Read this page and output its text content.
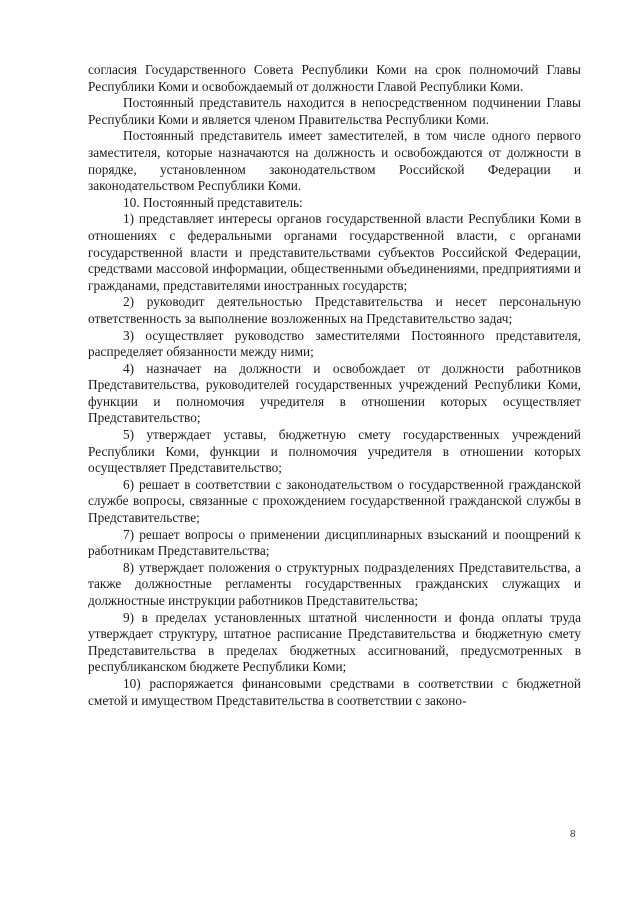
согласия Государственного Совета Республики Коми на срок полномочий Главы Республики Коми и освобождаемый от должности Главой Республики Коми.

Постоянный представитель находится в непосредственном подчинении Главы Республики Коми и является членом Правительства Республики Коми.

Постоянный представитель имеет заместителей, в том числе одного первого заместителя, которые назначаются на должность и освобождаются от должности в порядке, установленном законодательством Российской Федерации и законодательством Республики Коми.

10. Постоянный представитель:

1) представляет интересы органов государственной власти Республики Коми в отношениях с федеральными органами государственной власти, с органами государственной власти и представительствами субъектов Российской Федерации, средствами массовой информации, общественными объединениями, предприятиями и гражданами, представителями иностранных государств;

2) руководит деятельностью Представительства и несет персональную ответственность за выполнение возложенных на Представительство задач;

3) осуществляет руководство заместителями Постоянного представителя, распределяет обязанности между ними;

4) назначает на должности и освобождает от должности работников Представительства, руководителей государственных учреждений Республики Коми, функции и полномочия учредителя в отношении которых осуществляет Представительство;

5) утверждает уставы, бюджетную смету государственных учреждений Республики Коми, функции и полномочия учредителя в отношении которых осуществляет Представительство;

6) решает в соответствии с законодательством о государственной гражданской службе вопросы, связанные с прохождением государственной гражданской службы в Представительстве;

7) решает вопросы о применении дисциплинарных взысканий и поощрений к работникам Представительства;

8) утверждает положения о структурных подразделениях Представительства, а также должностные регламенты государственных гражданских служащих и должностные инструкции работников Представительства;

9) в пределах установленных штатной численности и фонда оплаты труда утверждает структуру, штатное расписание Представительства и бюджетную смету Представительства в пределах бюджетных ассигнований, предусмотренных в республиканском бюджете Республики Коми;

10) распоряжается финансовыми средствами в соответствии с бюджетной сметой и имуществом Представительства в соответствии с законо-

8
